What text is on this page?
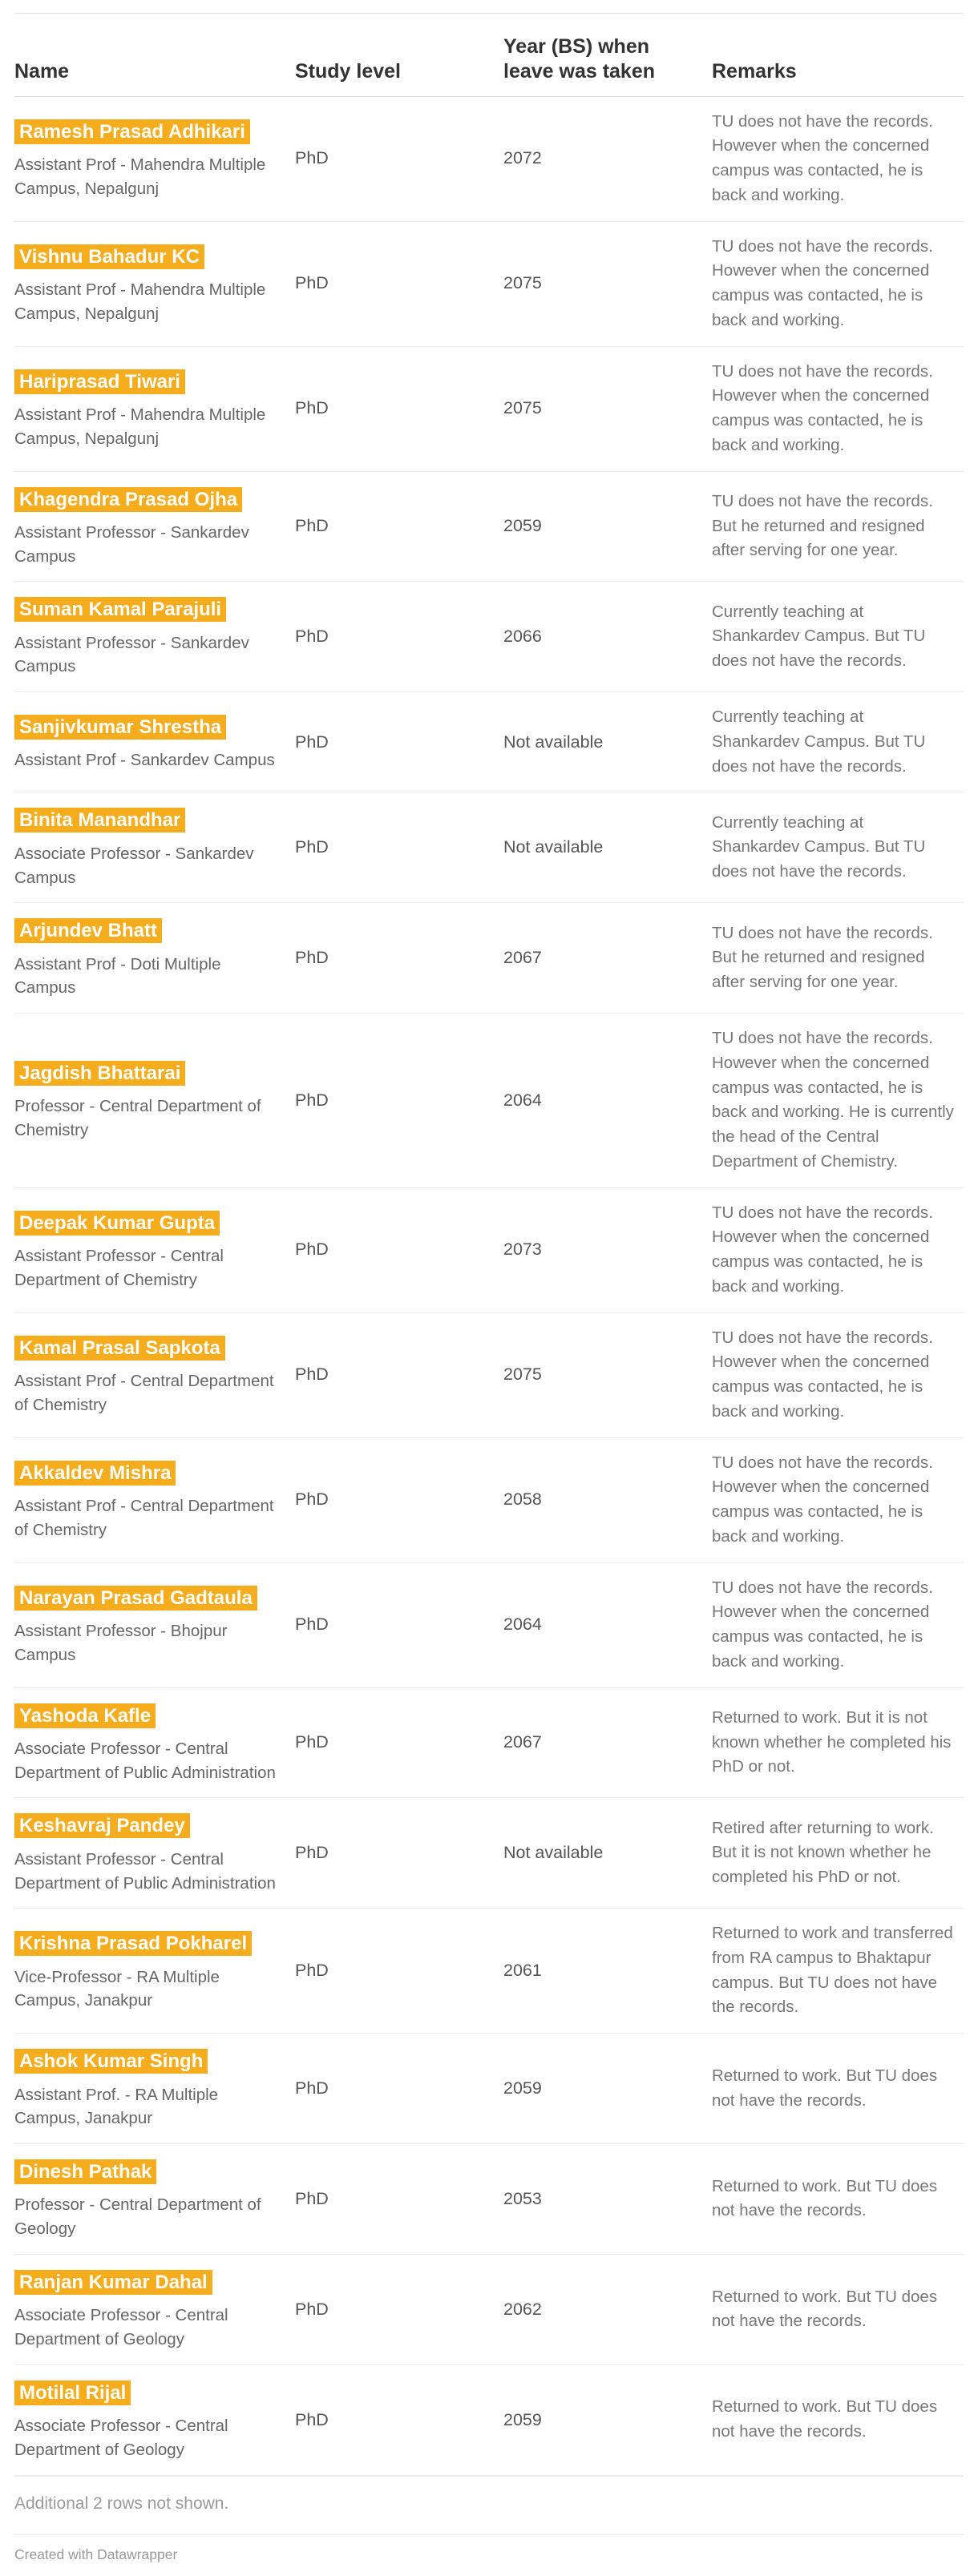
Name	Study level	Year (BS) when leave was taken	Remarks
Ramesh Prasad Adhikari
Assistant Prof - Mahendra Multiple Campus, Nepalgunj	PhD	2072	TU does not have the records. However when the concerned campus was contacted, he is back and working.
Vishnu Bahadur KC
Assistant Prof - Mahendra Multiple Campus, Nepalgunj	PhD	2075	TU does not have the records. However when the concerned campus was contacted, he is back and working.
Hariprasad Tiwari
Assistant Prof - Mahendra Multiple Campus, Nepalgunj	PhD	2075	TU does not have the records. However when the concerned campus was contacted, he is back and working.
Khagendra Prasad Ojha
Assistant Professor - Sankardev Campus	PhD	2059	TU does not have the records. But he returned and resigned after serving for one year.
Suman Kamal Parajuli
Assistant Professor - Sankardev Campus	PhD	2066	Currently teaching at Shankardev Campus. But TU does not have the records.
Sanjivkumar Shrestha
Assistant Prof - Sankardev Campus	PhD	Not available	Currently teaching at Shankardev Campus. But TU does not have the records.
Binita Manandhar
Associate Professor - Sankardev Campus	PhD	Not available	Currently teaching at Shankardev Campus. But TU does not have the records.
Arjundev Bhatt
Assistant Prof - Doti Multiple Campus	PhD	2067	TU does not have the records. But he returned and resigned after serving for one year.
Jagdish Bhattarai
Professor - Central Department of Chemistry	PhD	2064	TU does not have the records. However when the concerned campus was contacted, he is back and working. He is currently the head of the Central Department of Chemistry.
Deepak Kumar Gupta
Assistant Professor - Central Department of Chemistry	PhD	2073	TU does not have the records. However when the concerned campus was contacted, he is back and working.
Kamal Prasal Sapkota
Assistant Prof - Central Department of Chemistry	PhD	2075	TU does not have the records. However when the concerned campus was contacted, he is back and working.
Akkaldev Mishra
Assistant Prof - Central Department of Chemistry	PhD	2058	TU does not have the records. However when the concerned campus was contacted, he is back and working.
Narayan Prasad Gadtaula
Assistant Professor - Bhojpur Campus	PhD	2064	TU does not have the records. However when the concerned campus was contacted, he is back and working.
Yashoda Kafle
Associate Professor - Central Department of Public Administration	PhD	2067	Returned to work. But it is not known whether he completed his PhD or not.
Keshavraj Pandey
Assistant Professor - Central Department of Public Administration	PhD	Not available	Retired after returning to work. But it is not known whether he completed his PhD or not.
Krishna Prasad Pokharel
Vice-Professor - RA Multiple Campus, Janakpur	PhD	2061	Returned to work and transferred from RA campus to Bhaktapur campus. But TU does not have the records.
Ashok Kumar Singh
Assistant Prof. - RA Multiple Campus, Janakpur	PhD	2059	Returned to work. But TU does not have the records.
Dinesh Pathak
Professor - Central Department of Geology	PhD	2053	Returned to work. But TU does not have the records.
Ranjan Kumar Dahal
Associate Professor - Central Department of Geology	PhD	2062	Returned to work. But TU does not have the records.
Motilal Rijal
Associate Professor - Central Department of Geology	PhD	2059	Returned to work. But TU does not have the records.
Additional 2 rows not shown.
Created with Datawrapper
